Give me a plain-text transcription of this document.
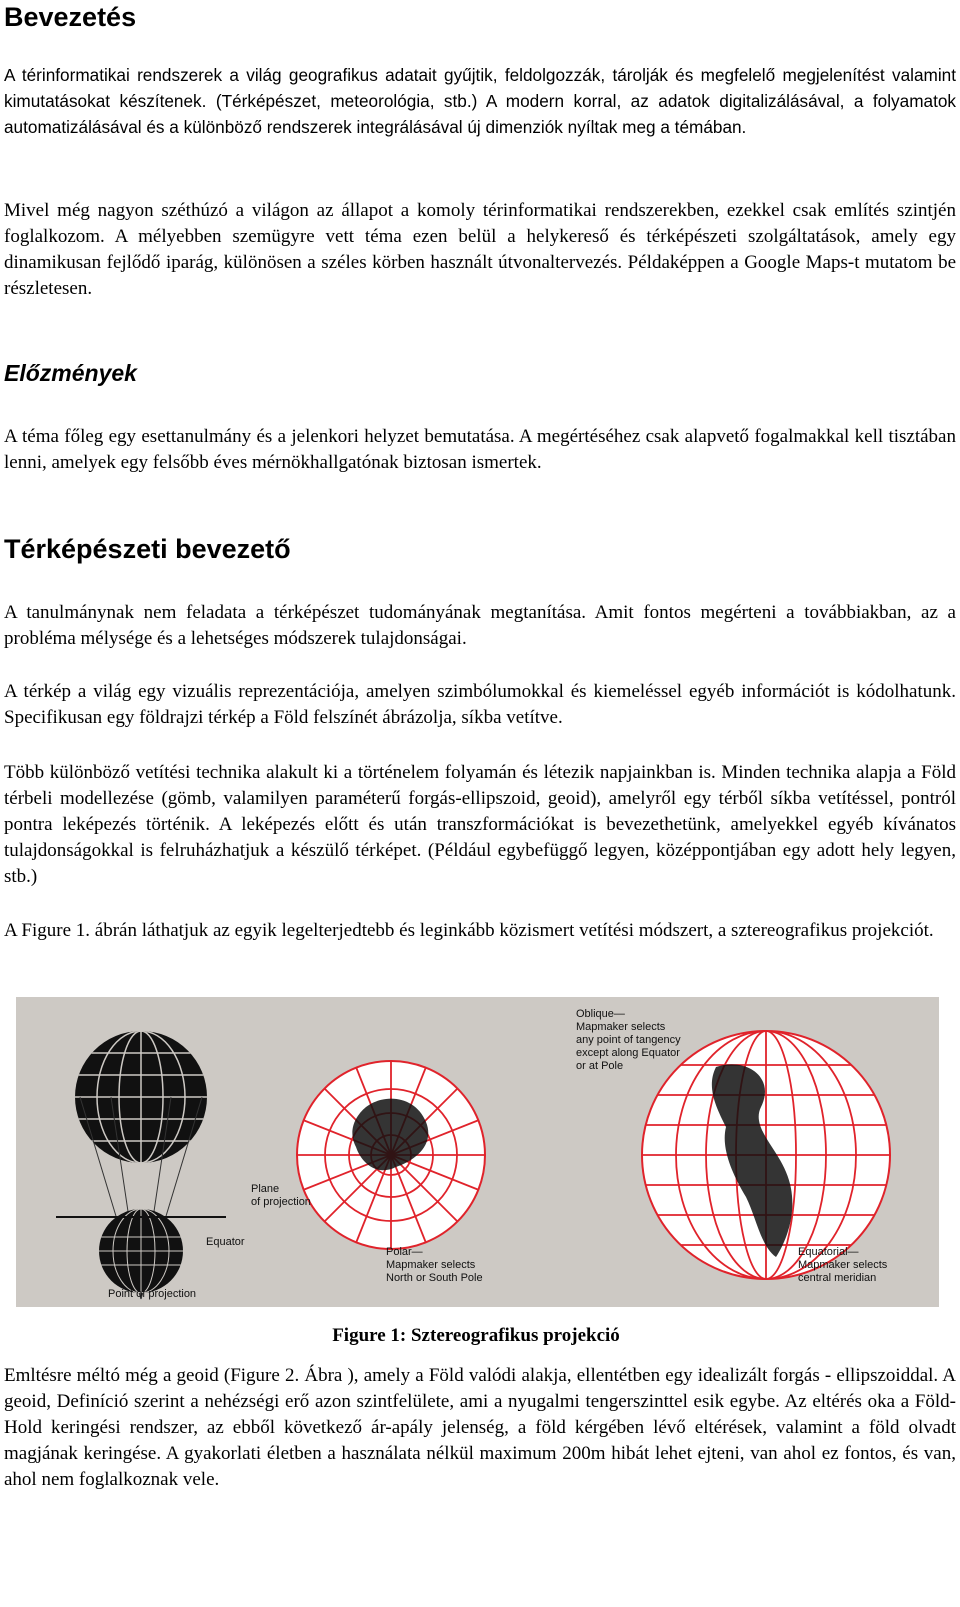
Bevezetés

A térinformatikai rendszerek a világ geografikus adatait gyűjtik, feldolgozzák, tárolják és megfelelő megjelenítést valamint kimutatásokat készítenek. (Térképészet, meteorológia, stb.) A modern korral, az adatok digitalizálásával, a folyamatok automatizálásával és a különböző rendszerek integrálásával új dimenziók nyíltak meg a témában.

Mivel még nagyon széthúzó a világon az állapot a komoly térinformatikai rendszerekben, ezekkel csak említés szintjén foglalkozom. A mélyebben szemügyre vett téma ezen belül a helykereső és térképészeti szolgáltatások, amely egy dinamikusan fejlődő iparág, különösen a széles körben használt útvonaltervezés. Példaképpen a Google Maps-t mutatom be részletesen.

Előzmények

A téma főleg egy esettanulmány és a jelenkori helyzet bemutatása. A megértéséhez csak alapvető fogalmakkal kell tisztában lenni, amelyek egy felsőbb éves mérnökhallgatónak biztosan ismertek.

Térképészeti bevezető

A tanulmánynak nem feladata a térképészet tudományának megtanítása. Amit fontos megérteni a továbbiakban, az a probléma mélysége és a lehetséges módszerek tulajdonságai.

A térkép a világ egy vizuális reprezentációja, amelyen szimbólumokkal és kiemeléssel egyéb információt is kódolhatunk. Specifikusan egy földrajzi térkép a Föld felszínét ábrázolja, síkba vetítve.

Több különböző vetítési technika alakult ki a történelem folyamán és létezik napjainkban is. Minden technika alapja a Föld térbeli modellezése (gömb, valamilyen paraméterű forgás-ellipszoid, geoid), amelyről egy térből síkba vetítéssel, pontról pontra leképezés történik. A leképezés előtt és után transzformációkat is bevezethetünk, amelyekkel egyéb kívánatos tulajdonságokkal is felruházhatjuk a készülő térképet. (Például egybefüggő legyen, középpontjában egy adott hely legyen, stb.)

A Figure 1. ábrán láthatjuk az egyik legelterjedtebb és leginkább közismert vetítési módszert, a sztereografikus projekciót.

Oblique—
Mapmaker selects
any point of tangency
except along Equator
or at Pole
Plane
of projection
Equator
Polar—
Mapmaker selects
North or South Pole
Equatorial—
Mapmaker selects
central meridian
Point of projection

Figure 1: Sztereografikus projekció

Emltésre méltó még a geoid (Figure 2. Ábra ), amely a Föld valódi alakja, ellentétben egy idealizált forgás - ellipszoiddal. A geoid, Definíció szerint a nehézségi erő azon szintfelülete, ami a nyugalmi tengerszinttel esik egybe. Az eltérés oka a Föld-Hold keringési rendszer, az ebből következő ár-apály jelenség, a föld kérgében lévő eltérések, valamint a föld olvadt magjának keringése. A gyakorlati életben a használata nélkül maximum 200m hibát lehet ejteni, van ahol ez fontos, és van, ahol nem foglalkoznak vele.
